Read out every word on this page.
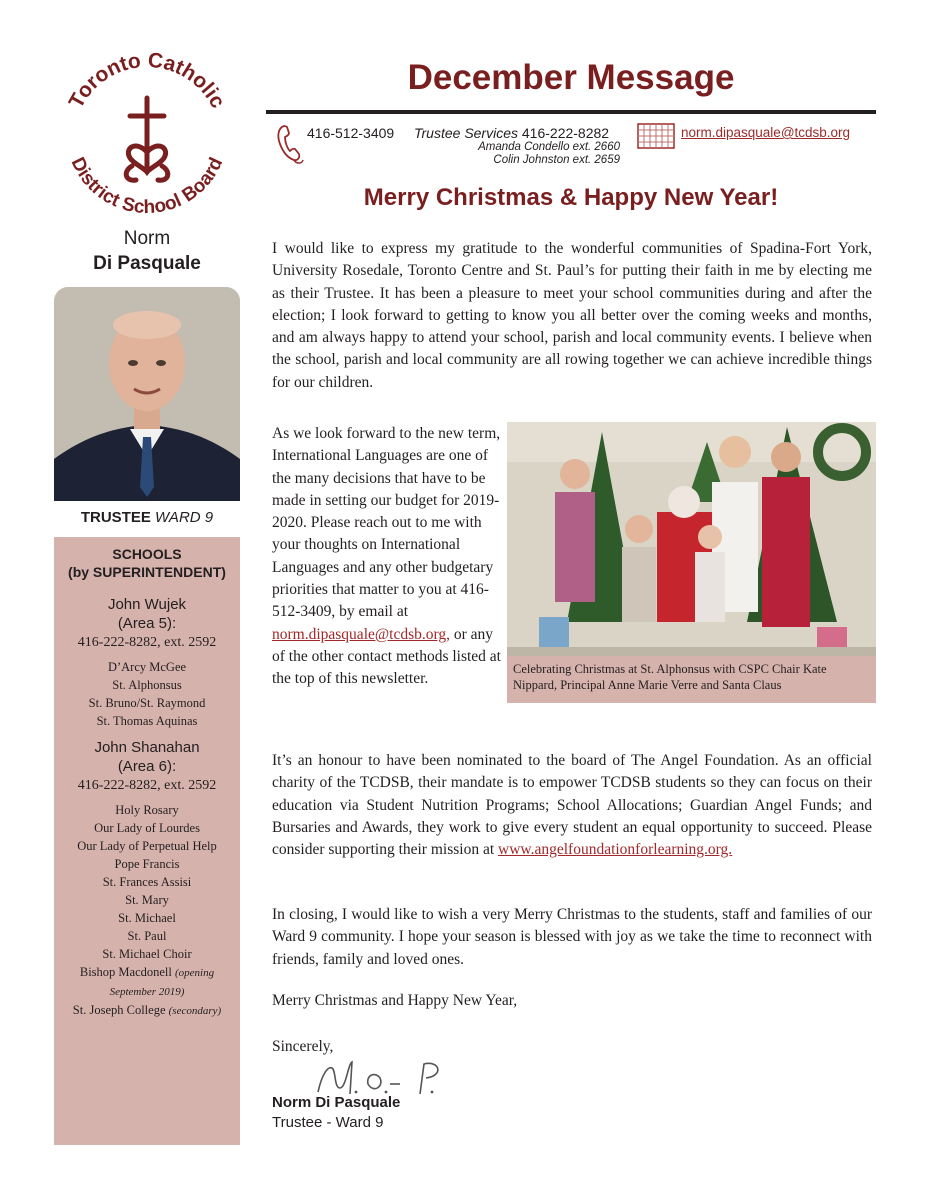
Toronto Catholic
District School Board
Norm
Di Pasquale
TRUSTEE WARD 9
SCHOOLS
(by SUPERINTENDENT)
John Wujek
(Area 5):
416-222-8282, ext. 2592
D’Arcy McGee
St. Alphonsus
St. Bruno/St. Raymond
St. Thomas Aquinas
John Shanahan
(Area 6):
416-222-8282, ext. 2592
Holy Rosary
Our Lady of Lourdes
Our Lady of Perpetual Help
Pope Francis
St. Frances Assisi
St. Mary
St. Michael
St. Paul
St. Michael Choir
Bishop Macdonell (opening
September 2019)
St. Joseph College (secondary)
December Message
416-512-3409 Trustee Services 416-222-8282
Amanda Condello ext. 2660
Colin Johnston ext. 2659
norm.dipasquale@tcdsb.org
Merry Christmas & Happy New Year!
I would like to express my gratitude to the wonderful communities of Spadina-Fort York, University Rosedale, Toronto Centre and St. Paul’s for putting their faith in me by electing me as their Trustee. It has been a pleasure to meet your school communities during and after the election; I look forward to getting to know you all better over the coming weeks and months, and am always happy to attend your school, parish and local community events. I believe when the school, parish and local community are all rowing together we can achieve incredible things for our children.
As we look forward to the new term, International Languages are one of the many decisions that have to be made in setting our budget for 2019-2020. Please reach out to me with your thoughts on International Languages and any other budgetary priorities that matter to you at 416-512-3409, by email at norm.dipasquale@tcdsb.org, or any of the other contact methods listed at the top of this newsletter.
Celebrating Christmas at St. Alphonsus with CSPC Chair Kate Nippard, Principal Anne Marie Verre and Santa Claus
It’s an honour to have been nominated to the board of The Angel Foundation. As an official charity of the TCDSB, their mandate is to empower TCDSB students so they can focus on their education via Student Nutrition Programs; School Allocations; Guardian Angel Funds; and Bursaries and Awards, they work to give every student an equal opportunity to succeed. Please consider supporting their mission at www.angelfoundationforlearning.org.
In closing, I would like to wish a very Merry Christmas to the students, staff and families of our Ward 9 community. I hope your season is blessed with joy as we take the time to reconnect with friends, family and loved ones.
Merry Christmas and Happy New Year,
Sincerely,
Norm Di Pasquale
Trustee - Ward 9
